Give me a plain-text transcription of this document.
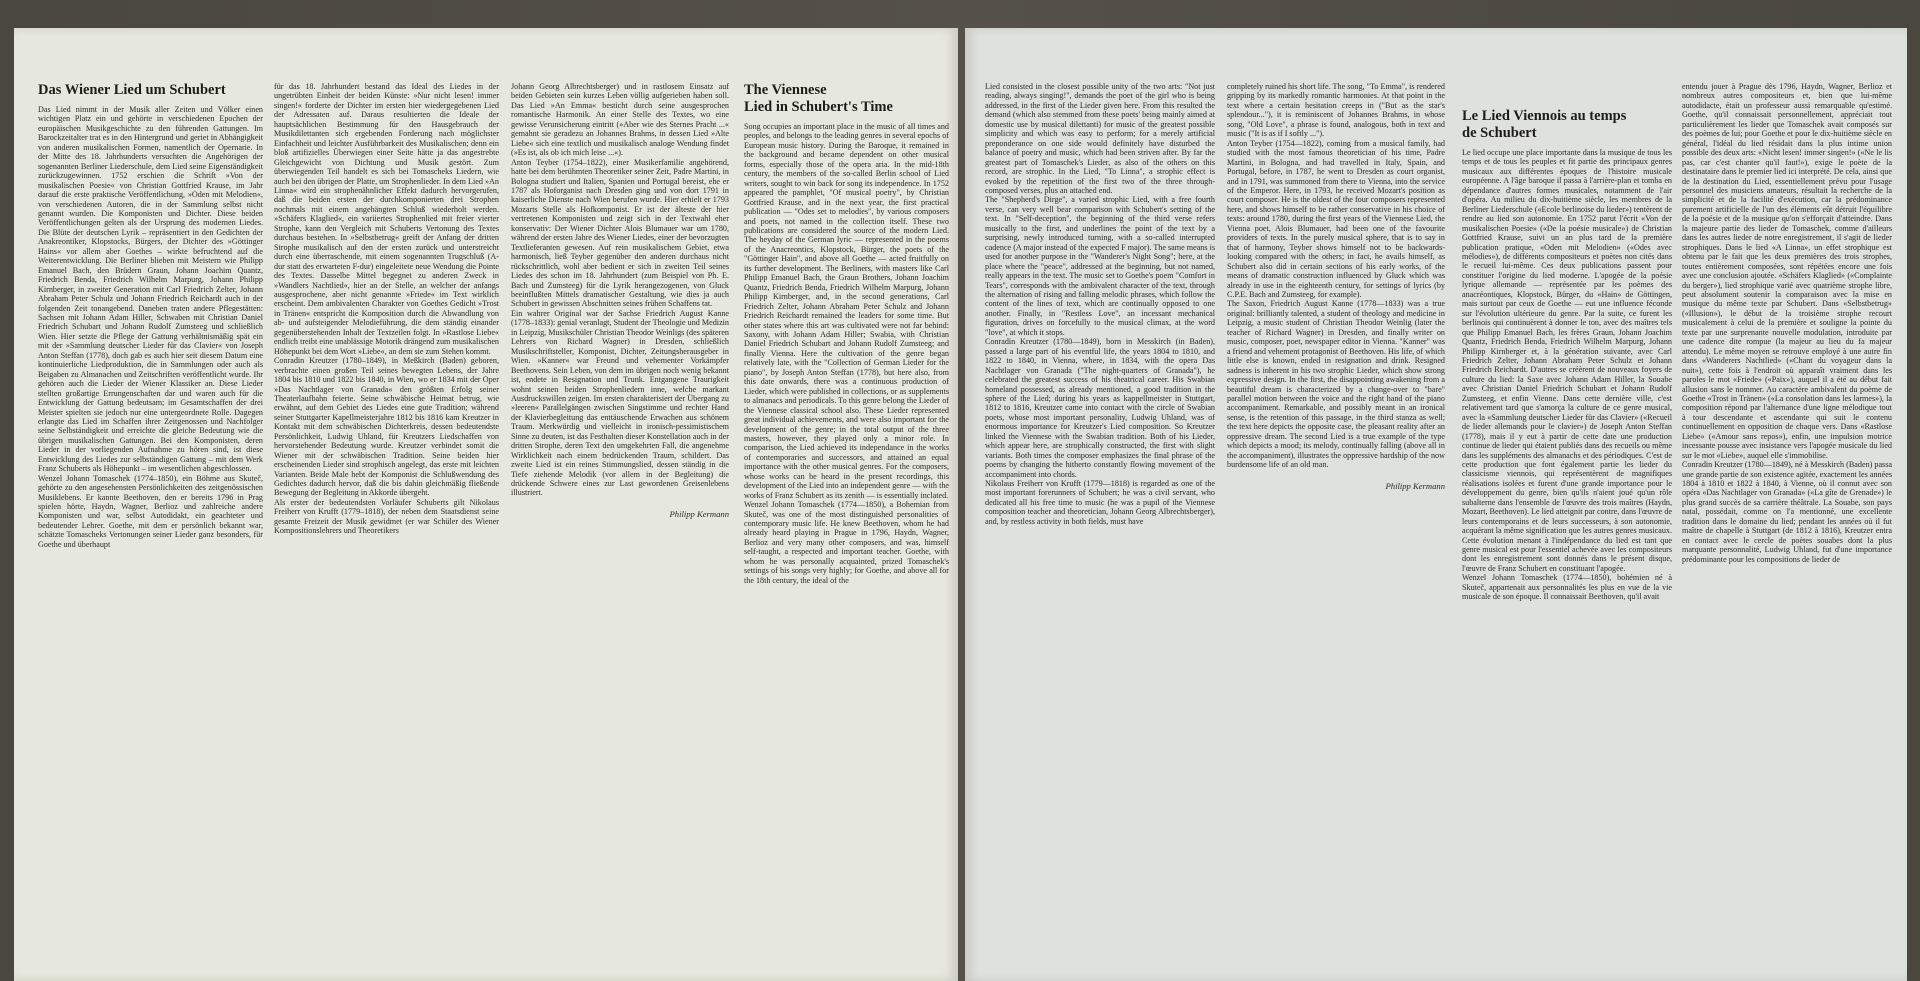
Das Wiener Lied um Schubert

Das Lied nimmt in der Musik aller Zeiten und Völker einen wichtigen Platz ein und gehörte in verschiedenen Epochen der europäischen Musikgeschichte zu den führenden Gattungen. Im Barockzeitalter trat es in den Hintergrund und geriet in Abhängigkeit von anderen musikalischen Formen, namentlich der Opernarie. In der Mitte des 18. Jahrhunderts versuchten die Angehörigen der sogenannten Berliner Liederschule, dem Lied seine Eigenständigkeit zurückzugewinnen. 1752 erschien die Schrift »Von der musikalischen Poesie« von Christian Gottfried Krause, im Jahr darauf die erste praktische Veröffentlichung, »Oden mit Melodien«, von verschiedenen Autoren, die in der Sammlung selbst nicht genannt wurden. Die Komponisten und Dichter. Diese beiden Veröffentlichungen gelten als der Ursprung des modernen Liedes. Die Blüte der deutschen Lyrik – repräsentiert in den Gedichten der Anakreontiker, Klopstocks, Bürgers, der Dichter des »Göttinger Hains« vor allem aber Goethes – wirkte befruchtend auf die Weiterentwicklung. Die Berliner blieben mit Meistern wie Philipp Emanuel Bach, den Brüdern Graun, Johann Joachim Quantz, Friedrich Benda, Friedrich Wilhelm Marpurg, Johann Philipp Kirnberger, in zweiter Generation mit Carl Friedrich Zelter, Johann Abraham Peter Schulz und Johann Friedrich Reichardt auch in der folgenden Zeit tonangebend. Daneben traten andere Pflegestätten: Sachsen mit Johann Adam Hiller, Schwaben mit Christian Daniel Friedrich Schubart und Johann Rudolf Zumsteeg und schließlich Wien. Hier setzte die Pflege der Gattung verhältnismäßig spät ein mit der »Sammlung deutscher Lieder für das Clavier« von Joseph Anton Steffan (1778), doch gab es auch hier seit diesem Datum eine kontinuierliche Liedproduktion, die in Sammlungen oder auch als Beigaben zu Almanachen und Zeitschriften veröffentlicht wurde. Ihr gehören auch die Lieder der Wiener Klassiker an. Diese Lieder stellten großartige Errungenschaften dar und waren auch für die Entwicklung der Gattung bedeutsam; im Gesamtschaffen der drei Meister spielten sie jedoch nur eine untergeordnete Rolle. Dagegen erlangte das Lied im Schaffen ihrer Zeitgenossen und Nachfolger seine Selbständigkeit und erreichte die gleiche Bedeutung wie die übrigen musikalischen Gattungen. Bei den Komponisten, deren Lieder in der vorliegenden Aufnahme zu hören sind, ist diese Entwicklung des Liedes zur selbständigen Gattung – mit dem Werk Franz Schuberts als Höhepunkt – im wesentlichen abgeschlossen.
Wenzel Johann Tomaschek (1774–1850), ein Böhme aus Skuteč, gehörte zu den angesehensten Persönlichkeiten des zeitgenössischen Musiklebens. Er kannte Beethoven, den er bereits 1796 in Prag spielen hörte, Haydn, Wagner, Berlioz und zahlreiche andere Komponisten und war, selbst Autodidakt, ein geachteter und bedeutender Lehrer. Goethe, mit dem er persönlich bekannt war, schätzte Tomascheks Vertonungen seiner Lieder ganz besonders, für Goethe und überhaupt

für das 18. Jahrhundert bestand das Ideal des Liedes in der ungetrübten Einheit der beiden Künste: »Nur nicht lesen! immer singen!« forderte der Dichter im ersten hier wiedergegebenen Lied der Adressaten auf. Daraus resultierten die Ideale der hauptsächlichen Bestimmung für den Hausgebrauch der Musikdilettanten sich ergebenden Forderung nach möglichster Einfachheit und leichter Ausführbarkeit des Musikalischen; denn ein bloß artifizielles Überwiegen einer Seite hätte ja das angestrebte Gleichgewicht von Dichtung und Musik gestört. Zum überwiegenden Teil handelt es sich bei Tomascheks Liedern, wie auch bei den übrigen der Platte, um Strophenlieder. In dem Lied »An Linna« wird ein strophenähnlicher Effekt dadurch hervorgerufen, daß die beiden ersten der durchkomponierten drei Strophen nochmals mit einem angehängten Schluß wiederholt werden. »Schäfers Klaglied«, ein variiertes Strophenlied mit freier vierter Strophe, kann den Vergleich mit Schuberts Vertonung des Textes durchaus bestehen. In »Selbstbetrug« greift der Anfang der dritten Strophe musikalisch auf den der ersten zurück und unterstreicht durch eine überraschende, mit einem sogenannten Trugschluß (A-dur statt des erwarteten F-dur) eingeleitete neue Wendung die Pointe des Textes. Dasselbe Mittel begegnet zu anderen Zweck in »Wandlers Nachtlied«, hier an der Stelle, an welcher der anfangs ausgesprochene, aber nicht genannte »Friede« im Text wirklich erscheint. Dem ambivalenten Charakter von Goethes Gedicht »Trost in Tränen« entspricht die Komposition durch die Abwandlung von ab- und aufsteigender Melodieführung, die dem ständig einander gegenüberstehenden Inhalt der Textzeilen folgt. In »Rastlose Liebe« endlich treibt eine unablässige Motorik drängend zum musikalischen Höhepunkt bei dem Wort »Liebe«, an dem sie zum Stehen kommt.
Conradin Kreutzer (1780–1849), in Meßkirch (Baden) geboren, verbrachte einen großen Teil seines bewegten Lebens, der Jahre 1804 bis 1810 und 1822 bis 1840, in Wien, wo er 1834 mit der Oper »Das Nachtlager von Granada« den größten Erfolg seiner Theaterlaufbahn feierte. Seine schwäbische Heimat betrug, wie erwähnt, auf dem Gebiet des Liedes eine gute Tradition; während seiner Stuttgarter Kapellmeisterjahre 1812 bis 1816 kam Kreutzer in Kontakt mit dem schwäbischen Dichterkreis, dessen bedeutendste Persönlichkeit, Ludwig Uhland, für Kreutzers Liedschaffen von hervorstehender Bedeutung wurde. Kreutzer verbindet somit die Wiener mit der schwäbischen Tradition. Seine beiden hier erscheinenden Lieder sind strophisch angelegt, das erste mit leichten Varianten. Beide Male hebt der Komponist die Schlußwendung des Gedichtes dadurch hervor, daß die bis dahin gleichmäßig fließende Bewegung der Begleitung in Akkorde übergeht.
Als erster der bedeutendsten Vorläufer Schuberts gilt Nikolaus Freiherr von Krufft (1779–1818), der neben dem Staatsdienst seine gesamte Freizeit der Musik gewidmet (er war Schüler des Wiener Kompositionslehrers und Theoretikers

Johann Georg Albrechtsberger) und in rastlosem Einsatz auf beiden Gebieten sein kurzes Leben völlig aufgerieben haben soll. Das Lied »An Emma« besticht durch seine ausgesprochen romantische Harmonik. An einer Stelle des Textes, wo eine gewisse Verunsicherung eintritt (»Aber wie des Sternes Pracht ...« gemahnt sie geradezu an Johannes Brahms, in dessen Lied »Alte Liebe« sich eine textlich und musikalisch analoge Wendung findet (»Es ist, als ob ich mich leise ...«).
Anton Teyber (1754–1822), einer Musikerfamilie angehörend, hatte bei dem berühmten Theoretiker seiner Zeit, Padre Martini, in Bologna studiert und Italien, Spanien und Portugal bereist, ehe er 1787 als Hoforganist nach Dresden ging und von dort 1791 in kaiserliche Dienste nach Wien berufen wurde. Hier erhielt er 1793 Mozarts Stelle als Hofkomponist. Er ist der älteste der hier vertretenen Komponisten und zeigt sich in der Textwahl eher konservativ: Der Wiener Dichter Alois Blumauer war um 1780, während der ersten Jahre des Wiener Liedes, einer der bevorzugten Textlieferanten gewesen. Auf rein musikalischem Gebiet, etwa harmonisch, ließ Teyber gegenüber den anderen durchaus nicht rückschrittlich, wohl aber bedient er sich in zweiten Teil seines Liedes des schon im 18. Jahrhundert (zum Beispiel von Ph. E. Bach und Zumsteeg) für die Lyrik herangezogenen, von Gluck beeinflußten Mittels dramatischer Gestaltung, wie dies ja auch Schubert in gewissen Abschnitten seines frühen Schaffens tat.
Ein wahrer Original war der Sachse Friedrich August Kanne (1778–1833): genial veranlagt, Student der Theologie und Medizin in Leipzig, Musikschüler Christian Theodor Weinligs (des späteren Lehrers von Richard Wagner) in Dresden, schließlich Musikschriftsteller, Komponist, Dichter, Zeitungsherausgeber in Wien. »Kanner« war Freund und vehementer Vorkämpfer Beethovens. Sein Leben, von dem im übrigen noch wenig bekannt ist, endete in Resignation und Trunk. Entgangene Traurigkeit wohnt seinen beiden Strophenliedern inne, welche markant Ausdruckswillen zeigen. Im ersten charakterisiert der Übergang zu »leeren« Parallelgängen zwischen Singstimme und rechter Hand der Klavierbegleitung das enttäuschende Erwachen aus schönem Traum. Merkwürdig und vielleicht in ironisch-pessimistischem Sinne zu deuten, ist das Festhalten dieser Konstellation auch in der dritten Strophe, deren Text den umgekehrten Fall, die angenehme Wirklichkeit nach einem bedrückenden Traum, schildert. Das zweite Lied ist ein reines Stimmungslied, dessen ständig in die Tiefe ziehende Melodik (vor allem in der Begleitung) die drückende Schwere eines zur Last gewordenen Greisenlebens illustriert.

Philipp Kermann

The Viennese
Lied in Schubert's Time

Song occupies an important place in the music of all times and peoples, and belongs to the leading genres in several epochs of European music history. During the Baroque, it remained in the background and became dependent on other musical forms, especially those of the opera aria. In the mid-18th century, the members of the so-called Berlin school of Lied writers, sought to win back for song its independence. In 1752 appeared the pamphlet, "Of musical poetry", by Christian Gottfried Krause, and in the next year, the first practical publication — "Odes set to melodies", by various composers and poets, not named in the collection itself. These two publications are considered the source of the modern Lied. The heyday of the German lyric — represented in the poems of the Anacreontics, Klopstock, Bürger, the poets of the "Göttinger Hain", and above all Goethe — acted fruitfully on its further development. The Berliners, with masters like Carl Philipp Emanuel Bach, the Graun Brothers, Johann Joachim Quantz, Friedrich Benda, Friedrich Wilhelm Marpurg, Johann Philipp Kirnberger, and, in the second generations, Carl Friedrich Zelter, Johann Abraham Peter Schulz and Johann Friedrich Reichardt remained the leaders for some time. But other states where this art was cultivated were not far behind: Saxony, with Johann Adam Hiller; Swabia, with Christian Daniel Friedrich Schubart and Johann Rudolf Zumsteeg; and finally Vienna. Here the cultivation of the genre began relatively late, with the "Collection of German Lieder for the piano", by Joseph Anton Steffan (1778), but here also, from this date onwards, there was a continuous production of Lieder, which were published in collections, or as supplements to almanacs and periodicals. To this genre belong the Lieder of the Viennese classical school also. These Lieder represented great individual achievements, and were also important for the development of the genre; in the total output of the three masters, however, they played only a minor role. In comparison, the Lied achieved its independance in the works of contemporaries and successors, and attained an equal importance with the other musical genres. For the composers, whose works can be heard in the present recordings, this development of the Lied into an independent genre — with the works of Franz Schubert as its zenith — is essentially inclated.
Wenzel Johann Tomaschek (1774—1850), a Bohemian from Skuteč, was one of the most distinguished personalities of contemporary music life. He knew Beethoven, whom he had already heard playing in Prague in 1796, Haydn, Wagner, Berlioz and very many other composers, and was, himself self-taught, a respected and important teacher. Goethe, with whom he was personally acquainted, prized Tomaschek's settings of his songs very highly; for Goethe, and above all for the 18th century, the ideal of the

Lied consisted in the closest possible unity of the two arts: "Not just reading, always singing!", demands the poet of the girl who is being addressed, in the first of the Lieder given here. From this resulted the demand (which also stemmed from these poets' being mainly aimed at domestic use by musical dilettanti) for music of the greatest possible simplicity and which was easy to perform; for a merely artificial preponderance on one side would definitely have disturbed the balance of poetry and music, which had been striven after. By far the greatest part of Tomaschek's Lieder, as also of the others on this record, are strophic. In the Lied, "To Linna", a strophic effect is evoked by the repetition of the first two of the three through-composed verses, plus an attached end.
The "Shepherd's Dirge", a varied strophic Lied, with a free fourth verse, can very well bear comparison with Schubert's setting of the text. In "Self-deception", the beginning of the third verse refers musically to the first, and underlines the point of the text by a surprising, newly introduced turning, with a so-called interrupted cadence (A major instead of the expected F major). The same means is used for another purpose in the "Wanderer's Night Song"; here, at the place where the "peace", addressed at the beginning, but not named, really appears in the text. The music set to Goethe's poem "Comfort in Tears", corresponds with the ambivalent character of the text, through the alternation of rising and falling melodic phrases, which follow the content of the lines of text, which are continually opposed to one another. Finally, in "Restless Love", an incessant mechanical figuration, drives on forcefully to the musical climax, at the word "love", at which it stops.
Conradin Kreutzer (1780—1849), born in Messkirch (in Baden), passed a large part of his eventful life, the years 1804 to 1810, and 1822 to 1840, in Vienna, where, in 1834, with the opera Das Nachtlager von Granada ("The night-quarters of Granada"), he celebrated the greatest success of his theatrical career. His Swabian homeland possessed, as already mentioned, a good tradition in the sphere of the Lied; during his years as kappellmeister in Stuttgart, 1812 to 1816, Kreutzer came into contact with the circle of Swabian poets, whose most important personality, Ludwig Uhland, was of enormous importance for Kreutzer's Lied composition. So Kreutzer linked the Viennese with the Swabian tradition. Both of his Lieder, which appear here, are strophically constructed, the first with slight variants. Both times the composer emphasizes the final phrase of the poems by changing the hitherto constantly flowing movement of the accompaniment into chords.
Nikolaus Freiherr von Krufft (1779—1818) is regarded as one of the most important forerunners of Schubert; he was a civil servant, who dedicated all his free time to music (he was a pupil of the Viennese composition teacher and theoretician, Johann Georg Albrechtsberger), and, by restless activity in both fields, must have

completely ruined his short life. The song, "To Emma", is rendered gripping by its markedly romantic harmonies. At that point in the text where a certain hesitation creeps in ("But as the star's splendour..."), it is reminiscent of Johannes Brahms, in whose song, "Old Love", a phrase is found, analogous, both in text and music ("It is as if I softly ...").
Anton Teyber (1754—1822), coming from a musical family, had studied with the most famous theoretician of his time, Padre Martini, in Bologna, and had travelled in Italy, Spain, and Portugal, before, in 1787, he went to Dresden as court organist, and in 1791, was summoned from there to Vienna, into the service of the Emperor. Here, in 1793, he received Mozart's position as court composer. He is the oldest of the four composers represented here, and shows himself to be rather conservative in his choice of texts: around 1780, during the first years of the Viennese Lied, the Vienna poet, Alois Blumauer, had been one of the favourite providers of texts. In the purely musical sphere, that is to say in that of harmony, Teyber shows himself not to be backwards-looking compared with the others; in fact, he avails himself, as Schubert also did in certain sections of his early works, of the means of dramatic construction influenced by Gluck which was already in use in the eighteenth century, for settings of lyrics (by C.P.E. Bach and Zumsteeg, for example).
The Saxon, Friedrich August Kanne (1778—1833) was a true original: brilliantly talented, a student of theology and medicine in Leipzig, a music student of Christian Theodor Weinlig (later the teacher of Richard Wagner) in Dresden, and finally writer on music, composer, poet, newspaper editor in Vienna. "Kanner" was a friend and vehement protagonist of Beethoven. His life, of which little else is known, ended in resignation and drink. Resigned sadness is inherent in his two strophic Lieder, which show strong expressive design. In the first, the disappointing awakening from a beautiful dream is characterized by a change-over to "bare" parallel motion between the voice and the right hand of the piano accompaniment. Remarkable, and possibly meant in an ironical sense, is the retention of this passage, in the third stanza as well; the text here depicts the opposite case, the pleasant reality after an oppressive dream. The second Lied is a true example of the type which depicts a mood; its melody, continually falling (above all in the accompaniment), illustrates the oppressive hardship of the now burdensome life of an old man.

Philipp Kermann

Le Lied Viennois au temps
de Schubert

Le lied occupe une place importante dans la musique de tous les temps et de tous les peuples et fit partie des principaux genres musicaux aux différentes époques de l'histoire musicale européenne. A l'âge baroque il passa à l'arrière-plan et tomba en dépendance d'autres formes musicales, notamment de l'air d'opéra. Au milieu du dix-huitième siècle, les membres de la Berliner Liederschule («Ecole berlinoise du lieder») tentèrent de rendre au lied son autonomie. En 1752 parut l'écrit «Von der musikalischen Poesie» («De la poésie musicale») de Christian Gottfried Krause, suivi un an plus tard de la première publication pratique, «Oden mit Melodien» («Odes avec mélodies»), de différents compositeurs et poètes non cités dans le recueil lui-même. Ces deux publications passent pour constituer l'origine du lied moderne. L'apogée de la poésie lyrique allemande — représentée par les poèmes des anacréontiques, Klopstock, Bürger, du «Hain» de Göttingen, mais surtout par ceux de Goethe — eut une influence féconde sur l'évolution ultérieure du genre. Par la suite, ce furent les berlinois qui continuèrent à donner le ton, avec des maîtres tels que Philipp Emanuel Bach, les frères Graun, Johann Joachim Quantz, Friedrich Benda, Friedrich Wilhelm Marpurg, Johann Philipp Kirnberger et, à la génération suivante, avec Carl Friedrich Zelter, Johann Abraham Peter Schulz et Johann Friedrich Reichardt. D'autres se créèrent de nouveaux foyers de culture du lied: la Saxe avec Johann Adam Hiller, la Souabe avec Christian Daniel Friedrich Schubart et Johann Rudolf Zumsteeg, et enfin Vienne. Dans cette dernière ville, c'est relativement tard que s'amorça la culture de ce genre musical, avec la «Sammlung deutscher Lieder für das Clavier» («Recueil de lieder allemands pour le clavier») de Joseph Anton Steffan (1778), mais il y eut à partir de cette date une production continue de lieder qui étaient publiés dans des recueils ou même dans les suppléments des almanachs et des périodiques. C'est de cette production que font également partie les lieder du classicisme viennois, qui représentèrent de magnifiques réalisations isolées et furent d'une grande importance pour le développement du genre, bien qu'ils n'aient joué qu'un rôle subalterne dans l'ensemble de l'œuvre des trois maîtres (Haydn, Mozart, Beethoven). Le lied atteignit par contre, dans l'œuvre de leurs contemporains et de leurs successeurs, à son autonomie, acquérant la même signification que les autres genres musicaux. Cette évolution menant à l'indépendance du lied est tant que genre musical est pour l'essentiel achevée avec les compositeurs dont les enregistrement sont donnés dans le présent disque, l'œuvre de Franz Schubert en constituant l'apogée.
Wenzel Johann Tomaschek (1774—1850), bohémien né à Skuteč, appartenait aux personnalités les plus en vue de la vie musicale de son époque. Il connaissait Beethoven, qu'il avait

entendu jouer à Prague dès 1796, Haydn, Wagner, Berlioz et nombreux autres compositeurs et, bien que lui-même autodidacte, était un professeur aussi remarquable qu'estimé. Goethe, qu'il connaissait personnellement, appréciait tout particulièrement les lieder que Tomaschek avait composés sur des poèmes de lui; pour Goethe et pour le dix-huitième siècle en général, l'idéal du lied résidait dans la plus intime union possible des deux arts: «Nicht lesen! immer singen!» («Ne le lis pas, car c'est chanter qu'il faut!»), exige le poète de la destinataire dans le premier lied ici interprété. De cela, ainsi que de la destination du Lied, essentiellement prévu pour l'usage personnel des musiciens amateurs, résultait la recherche de la simplicité et de la facilité d'exécution, car la prédominance purement artificielle de l'un des éléments eût détruit l'équilibre de la poésie et de la musique qu'on s'efforçait d'atteindre. Dans la majeure partie des lieder de Tomaschek, comme d'ailleurs dans les autres lieder de notre enregistrement, il s'agit de lieder strophiques. Dans le lied «A Linna», un effet strophique est obtenu par le fait que les deux premières des trois strophes, toutes entièrement composées, sont répétées encore une fois avec une conclusion ajoutée. «Schäfers Klaglied» («Complainte du berger»), lied strophique varié avec quatrième strophe libre, peut absolument soutenir la comparaison avec la mise en musique du même texte par Schubert. Dans «Selbstbetrug» («Illusion»), le début de la troisième strophe recourt musicalement à celui de la première et souligne la pointe du texte par une surprenante nouvelle modulation, introduite par une cadence dite rompue (la majeur au lieu du fa majeur attendu). Le même moyen se retrouve employé à une autre fin dans «Wanderers Nachtlied» («Chant du voyageur dans la nuit»), cette fois à l'endroit où apparaît vraiment dans les paroles le mot «Friede» («Paix»), auquel il a été au début fait allusion sans le nommer. Au caractère ambivalent du poème de Goethe «Trost in Tränen» («La consolation dans les larmes»), la composition répond par l'alternance d'une ligne mélodique tout à tour descendante et ascendante qui suit le contenu continuellement en opposition de chaque vers. Dans «Rastlose Liebe» («Amour sans repos»), enfin, une impulsion motrice incessante pousse avec insistance vers l'apogée musicale du lied sur le mot «Liebe», auquel elle s'immobilise.
Conradin Kreutzer (1780—1849), né à Messkirch (Baden) passa une grande partie de son existence agitée, exactement les années 1804 à 1810 et 1822 à 1840, à Vienne, où il connut avec son opéra «Das Nachtlager von Granada» («La gîte de Grenade») le plus grand succès de sa carrière théâtrale. La Souabe, son pays natal, possédait, comme on l'a mentionné, une excellente tradition dans le domaine du lied; pendant les années où il fut maître de chapelle à Stuttgart (de 1812 à 1816), Kreutzer entra en contact avec le cercle de poètes souabes dont la plus marquante personnalité, Ludwig Uhland, fut d'une importance prédominante pour les compositions de lieder de
